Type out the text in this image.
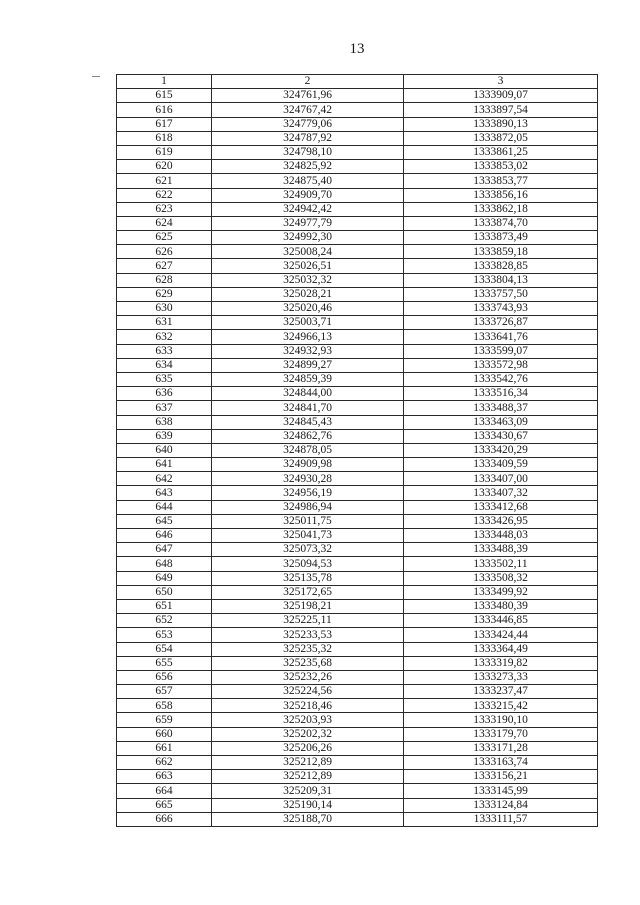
13
1	2	3
615	324761,96	1333909,07
616	324767,42	1333897,54
617	324779,06	1333890,13
618	324787,92	1333872,05
619	324798,10	1333861,25
620	324825,92	1333853,02
621	324875,40	1333853,77
622	324909,70	1333856,16
623	324942,42	1333862,18
624	324977,79	1333874,70
625	324992,30	1333873,49
626	325008,24	1333859,18
627	325026,51	1333828,85
628	325032,32	1333804,13
629	325028,21	1333757,50
630	325020,46	1333743,93
631	325003,71	1333726,87
632	324966,13	1333641,76
633	324932,93	1333599,07
634	324899,27	1333572,98
635	324859,39	1333542,76
636	324844,00	1333516,34
637	324841,70	1333488,37
638	324845,43	1333463,09
639	324862,76	1333430,67
640	324878,05	1333420,29
641	324909,98	1333409,59
642	324930,28	1333407,00
643	324956,19	1333407,32
644	324986,94	1333412,68
645	325011,75	1333426,95
646	325041,73	1333448,03
647	325073,32	1333488,39
648	325094,53	1333502,11
649	325135,78	1333508,32
650	325172,65	1333499,92
651	325198,21	1333480,39
652	325225,11	1333446,85
653	325233,53	1333424,44
654	325235,32	1333364,49
655	325235,68	1333319,82
656	325232,26	1333273,33
657	325224,56	1333237,47
658	325218,46	1333215,42
659	325203,93	1333190,10
660	325202,32	1333179,70
661	325206,26	1333171,28
662	325212,89	1333163,74
663	325212,89	1333156,21
664	325209,31	1333145,99
665	325190,14	1333124,84
666	325188,70	1333111,57
